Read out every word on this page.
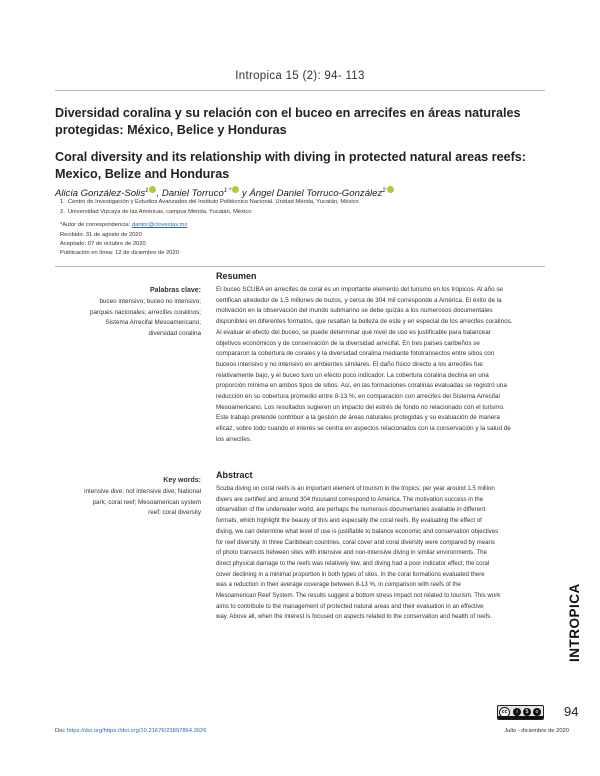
Intropica 15 (2): 94- 113
Diversidad coralina y su relación con el buceo en arrecifes en áreas naturales protegidas: México, Belice y Honduras
Coral diversity and its relationship with diving in protected natural areas reefs: Mexico, Belize and Honduras
Alicia González-Solis$^1$ , Daniel Torruco$^{1 *}$ y Ángel Daniel Torruco-González$^2$
1. Centro de Investigación y Estudios Avanzados del Instituto Politécnico Nacional. Unidad Mérida, Yucatán, México
2. Universidad Vizcaya de las Américas, campus Mérida, Yucatán, México
*Autor de correspondencia: dantor@cinvestav.mx
Recibido: 31 de agosto de 2020
Aceptado: 07 de octubre de 2020
Publicación en línea: 12 de diciembre de 2020
Palabras clave:
buceo intensivo; buceo no intensivo;
parques nacionales; arrecifes coralinos;
Sistema Arrecifal Mesoamericano;
diversidad coralina
Key words:
intensive dive; not intensive dive; National
park; coral reef; Mesoamerican system
reef; coral diversity
Resumen
El buceo SCUBA en arrecifes de coral es un importante elemento del turismo en los trópicos. Al año se
certifican alrededor de 1,5 millones de buzos, y cerca de 304 mil corresponde a América. El éxito de la
motivación en la observación del mundo submarino se debe quizás a los numerosos documentales
disponibles en diferentes formatos, que resaltan la belleza de este y en especial de los arrecifes coralinos.
Al evaluar el efecto del buceo, se puede determinar qué nivel de uso es justificable para balancear
objetivos económicos y de conservación de la diversidad arrecifal. En tres países caribeños se
compararon la cobertura de corales y la diversidad coralina mediante fototransectos entre sitios con
buceos intensivo y no intensivo en ambientes similares. El daño físico directo a los arrecifes fue
relativamente bajo, y el buceo tuvo un efecto poco indicador. La cobertura coralina declina en una
proporción mínima en ambos tipos de sitios. Así, en las formaciones coralinas evaluadas se registró una
reducción en su cobertura promedio entre 8-13 %, en comparación con arrecifes del Sistema Arrecifal
Mesoamericano. Los resultados sugieren un impacto del estrés de fondo no relacionado con el turismo.
Este trabajo pretende contribuir a la gestión de áreas naturales protegidas y su evaluación de manera
eficaz, sobre todo cuando el interés se centra en aspectos relacionados con la conservación y la salud de
los arrecifes.
Abstract
Scuba diving on coral reefs is an important element of tourism in the tropics; per year around 1.5 million
divers are certified and around 304 thousand correspond to America. The motivation success in the
observation of the underwater world, are perhaps the numerous documentaries available in different
formats, which highlight the beauty of this and especially the coral reefs. By evaluating the effect of
diving, we can determine what level of use is justifiable to balance economic and conservation objectives
for reef diversity. In three Caribbean countries, coral cover and coral diversity were compared by means
of photo transects between sites with intensive and non-intensive diving in similar environments. The
direct physical damage to the reefs was relatively low, and diving had a poor indicator effect; the coral
cover declining in a minimal proportion in both types of sites. In the coral formations evaluated there
was a reduction in their average coverage between 8-13 %, in comparison with reefs of the
Mesoamerican Reef System. The results suggest a bottom stress impact not related to tourism. This work
aims to contribute to the management of protected natural areas and their evaluation in an effective
way. Above all, when the interest is focused on aspects related to the conservation and health of reefs.	INTROPICA
cc	i	$	o 94
Doi: https://doi.org/https://doi.org/10.21676/23897864.3526	Julio - diciembre de 2020
